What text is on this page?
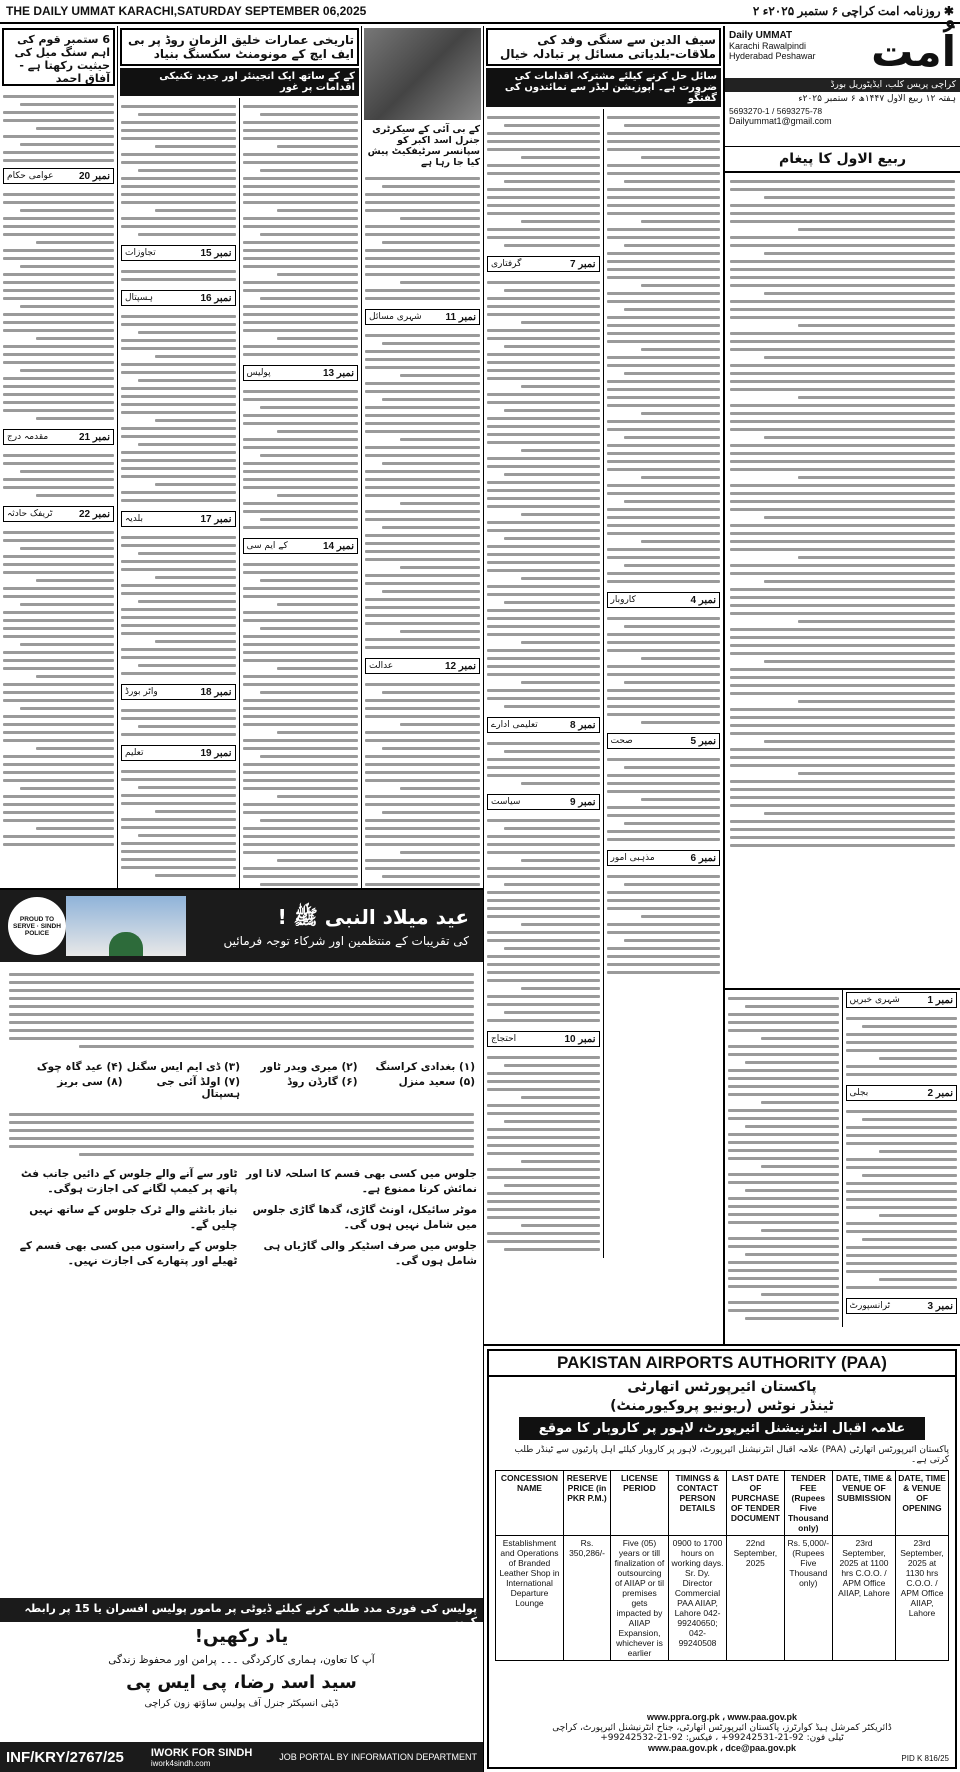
THE DAILY UMMAT KARACHI,SATURDAY SEPTEMBER 06,2025	✱ روزنامہ امت کراچی ۶ ستمبر ۲۰۲۵ء ۲
6 ستمبر قوم کی اہم سنگ میل کی حیثیت رکھتا ہے - آفاق احمد
عوامی حکام	نمبر 20
مقدمہ درج	نمبر 21
ٹریفک حادثہ	نمبر 22
تاریخی عمارات خلیق الزمان روڈ پر بی ایف ایچ کے مونومنٹ سکسنگ بنیاد
کے کے ساتھ ایک انجینئر اور جدید تکنیکی اقدامات پر غور
تجاوزات	نمبر 15
ہسپتال	نمبر 16
بلدیہ	نمبر 17
واٹر بورڈ	نمبر 18
تعلیم	نمبر 19
پولیس	نمبر 13
کے ایم سی	نمبر 14
کے بی آئی کے سیکرٹری جنرل اسد اکبر کو سپانسر سرٹیفکیٹ پیش کیا جا رہا ہے
شہری مسائل نمبر 11
عدالت	نمبر 12
سیف الدین سے سنگی وفد کی ملاقات-بلدیاتی مسائل پر تبادلہ خیال
سائل حل کرنے کیلئے مشترکہ اقدامات کی ضرورت ہے۔ اپوزیشن لیڈر سے نمائندوں کی گفتگو
گرفتاری	نمبر 7
تعلیمی ادارے	نمبر 8
سیاست	نمبر 9
احتجاج	نمبر 10
کاروبار	نمبر 4
صحت	نمبر 5
مذہبی امور	نمبر 6
Daily UMMAT
Karachi Rawalpindi Hyderabad Peshawar اُمت
کراچی پریس کلب، ایڈیٹوریل بورڈ
ہفتہ ۱۲ ربیع الاول ۱۴۴۷ھ ۶ ستمبر ۲۰۲۵ء
5693270-1 / 5693275-78
Dailyummat1@gmail.com
ربیع الاول کا پیغام
شہری خبریں	نمبر 1
بجلی	نمبر 2
ٹرانسپورٹ	نمبر 3
PROUD TO SERVE · SINDH POLICE
عید میلاد النبی ﷺ !
کی تقریبات کے منتظمین اور شرکاء توجہ فرمائیں
(۱) بغدادی کراسنگ
(۲) میری ویدر ٹاور
(۳) ڈی ایم ایس سگنل
(۴) عید گاہ چوک
(۵) سعید منزل
(۶) گارڈن روڈ
(۷) اولڈ آئی جی ہسپتال
(۸) سی بریز

ٹاور سے آنے والے جلوس کے دائیں جانب فٹ پاتھ پر کیمپ لگانے کی اجازت ہوگی۔

نیاز بانٹنے والے ٹرک جلوس کے ساتھ نہیں چلیں گے۔

جلوس کے راستوں میں کسی بھی قسم کے ٹھیلے اور پتھارے کی اجازت نہیں۔

جلوس میں کسی بھی قسم کا اسلحہ لانا اور نمائش کرنا ممنوع ہے۔

موٹر سائیکل، اونٹ گاڑی، گدھا گاڑی جلوس میں شامل نہیں ہوں گی۔

جلوس میں صرف اسٹیکر والی گاڑیاں ہی شامل ہوں گی۔

پولیس کی فوری مدد طلب کرنے کیلئے ڈیوٹی پر مامور پولیس افسران یا 15 پر رابطہ کریں
یاد رکھیں!
آپ کا تعاون، ہماری کارکردگی ۔۔۔ پرامن اور محفوظ زندگی
سید اسد رضا، پی ایس پی
ڈپٹی انسپکٹر جنرل آف پولیس ساؤتھ زون کراچی
INF/KRY/2767/25 IWORK FOR SINDH
iwork4sindh.com
JOB PORTAL BY INFORMATION DEPARTMENT
PAKISTAN AIRPORTS AUTHORITY (PAA)
پاکستان ائیرپورٹس اتھارٹی
ٹینڈر نوٹس (ریونیو پروکیورمنٹ)
علامہ اقبال انٹرنیشنل ائیرپورٹ، لاہور پر کاروبار کا موقع
پاکستان ائیرپورٹس اتھارٹی (PAA) علامہ اقبال انٹرنیشنل ائیرپورٹ، لاہور پر کاروبار کیلئے اہل پارٹیوں سے ٹینڈر طلب کرتی ہے۔
CONCESSION NAME	RESERVE PRICE (in PKR P.M.)	LICENSE PERIOD	TIMINGS & CONTACT PERSON DETAILS	LAST DATE OF PURCHASE OF TENDER DOCUMENT	TENDER FEE (Rupees Five Thousand only)	DATE, TIME & VENUE OF SUBMISSION	DATE, TIME & VENUE OF OPENING
Establishment and Operations of Branded Leather Shop in International Departure Lounge	Rs. 350,286/-	Five (05) years or till finalization of outsourcing of AIIAP or til premises gets impacted by AIIAP Expansion, whichever is earlier	0900 to 1700 hours on working days. Sr. Dy. Director Commercial PAA AIIAP, Lahore 042-99240650; 042-99240508	22nd September, 2025	Rs. 5,000/- (Rupees Five Thousand only)	23rd September, 2025 at 1100 hrs C.O.O. / APM Office AIIAP, Lahore	23rd September, 2025 at 1130 hrs C.O.O. / APM Office AIIAP, Lahore
www.ppra.org.pk ، www.paa.gov.pk
ڈائریکٹر کمرشل ہیڈ کوارٹرز، پاکستان ائیرپورٹس اتھارٹی، جناح انٹرنیشنل ائیرپورٹ، کراچی
ٹیلی فون: 92-21-99242531+ ، فیکس: 92-21-99242532+
www.paa.gov.pk ، dce@paa.gov.pk
PID K 816/25
